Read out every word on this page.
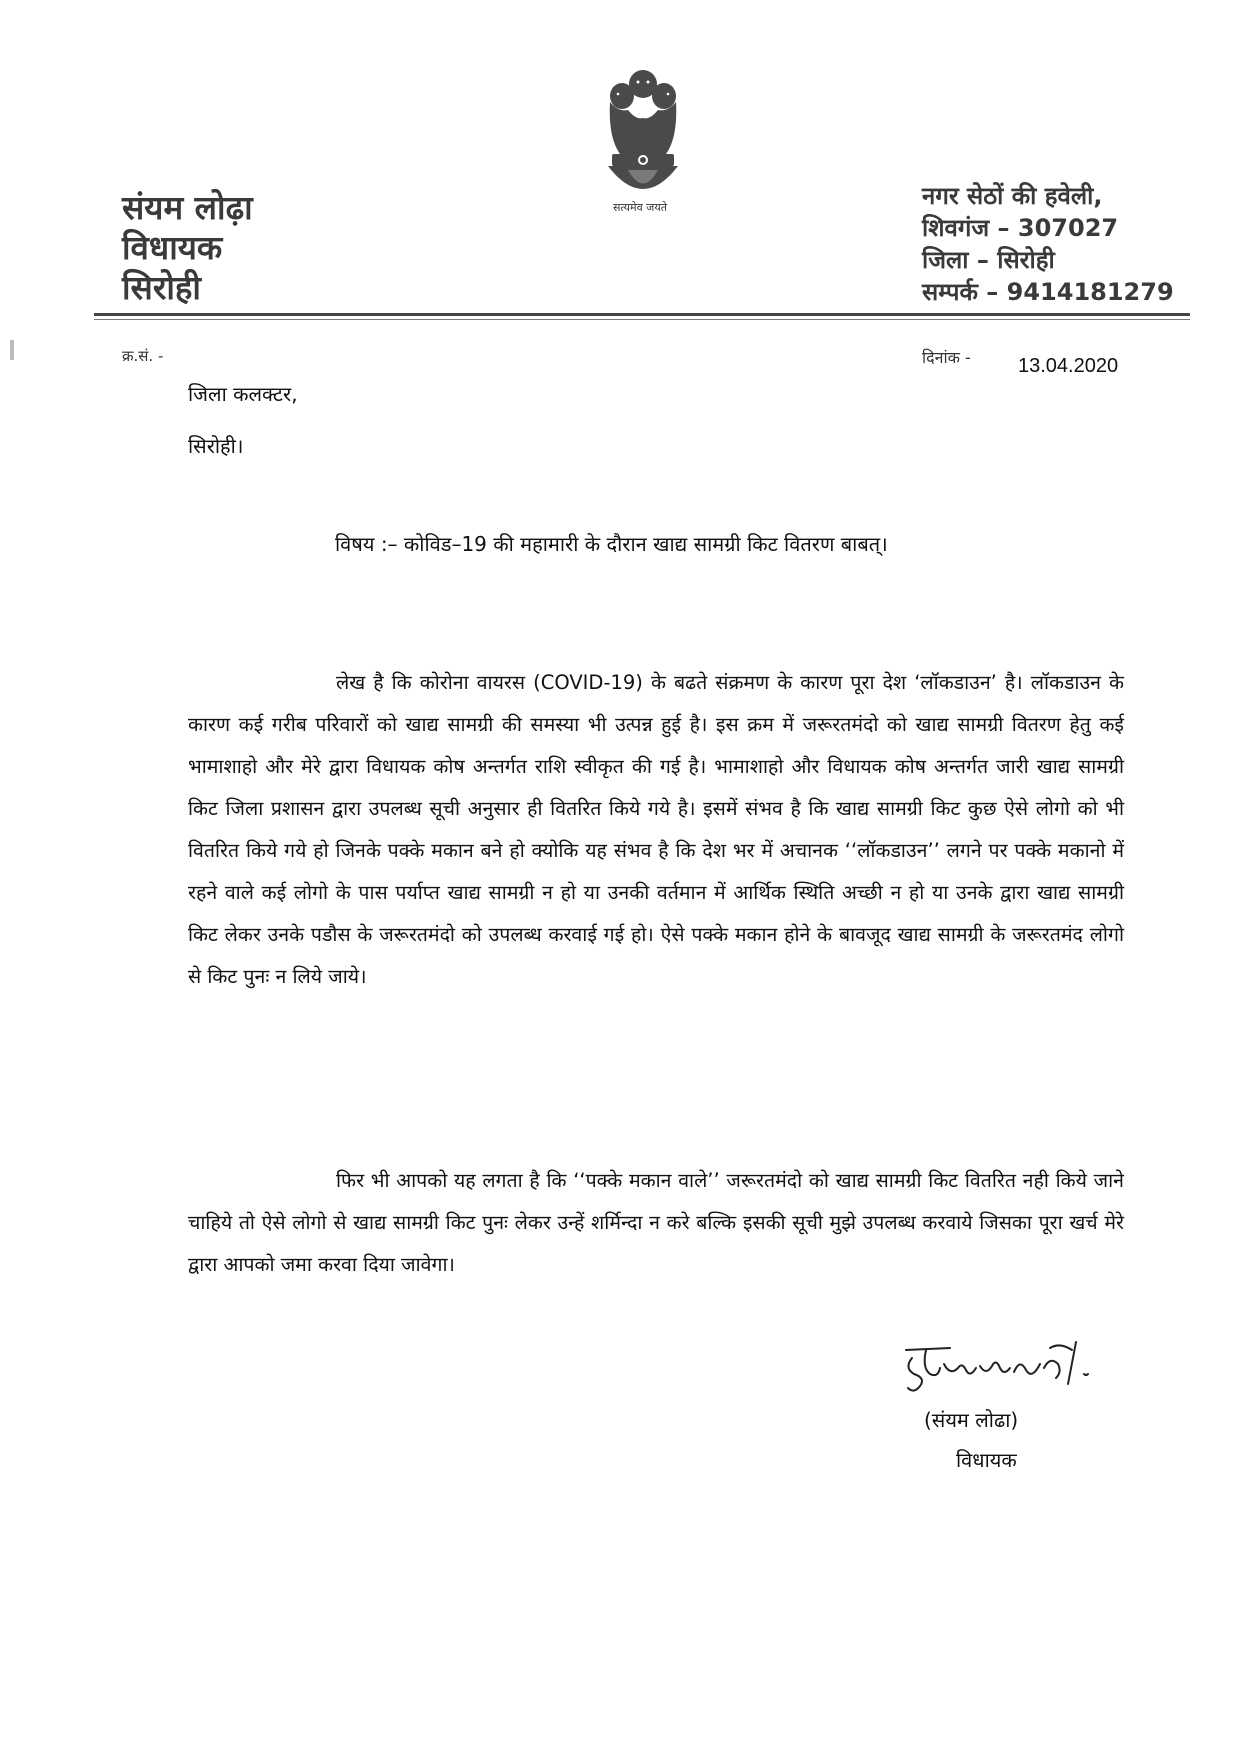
सत्यमेव जयते
संयम लोढ़ा
विधायक
सिरोही
नगर सेठों की हवेली,
शिवगंज – 307027
जिला – सिरोही
सम्पर्क – 9414181279
क्र.सं. -	दिनांक - 13.04.2020
जिला कलक्टर,
सिरोही।
विषय :– कोविड–19 की महामारी के दौरान खाद्य सामग्री किट वितरण बाबत्।

लेख है कि कोरोना वायरस (COVID-19) के बढते संक्रमण के कारण पूरा देश ‘लॉकडाउन’ है। लॉकडाउन के कारण कई गरीब परिवारों को खाद्य सामग्री की समस्या भी उत्पन्न हुई है। इस क्रम में जरूरतमंदो को खाद्य सामग्री वितरण हेतु कई भामाशाहो और मेरे द्वारा विधायक कोष अन्तर्गत राशि स्वीकृत की गई है। भामाशाहो और विधायक कोष अन्तर्गत जारी खाद्य सामग्री किट जिला प्रशासन द्वारा उपलब्ध सूची अनुसार ही वितरित किये गये है। इसमें संभव है कि खाद्य सामग्री किट कुछ ऐसे लोगो को भी वितरित किये गये हो जिनके पक्के मकान बने हो क्योकि यह संभव है कि देश भर में अचानक ‘‘लॉकडाउन’’ लगने पर पक्के मकानो में रहने वाले कई लोगो के पास पर्याप्त खाद्य सामग्री न हो या उनकी वर्तमान में आर्थिक स्थिति अच्छी न हो या उनके द्वारा खाद्य सामग्री किट लेकर उनके पडौस के जरूरतमंदो को उपलब्ध करवाई गई हो। ऐसे पक्के मकान होने के बावजूद खाद्य सामग्री के जरूरतमंद लोगो से किट पुनः न लिये जाये।

फिर भी आपको यह लगता है कि ‘‘पक्के मकान वाले’’ जरूरतमंदो को खाद्य सामग्री किट वितरित नही किये जाने चाहिये तो ऐसे लोगो से खाद्य सामग्री किट पुनः लेकर उन्हें शर्मिन्दा न करे बल्कि इसकी सूची मुझे उपलब्ध करवाये जिसका पूरा खर्च मेरे द्वारा आपको जमा करवा दिया जावेगा।

(संयम लोढा)
विधायक
